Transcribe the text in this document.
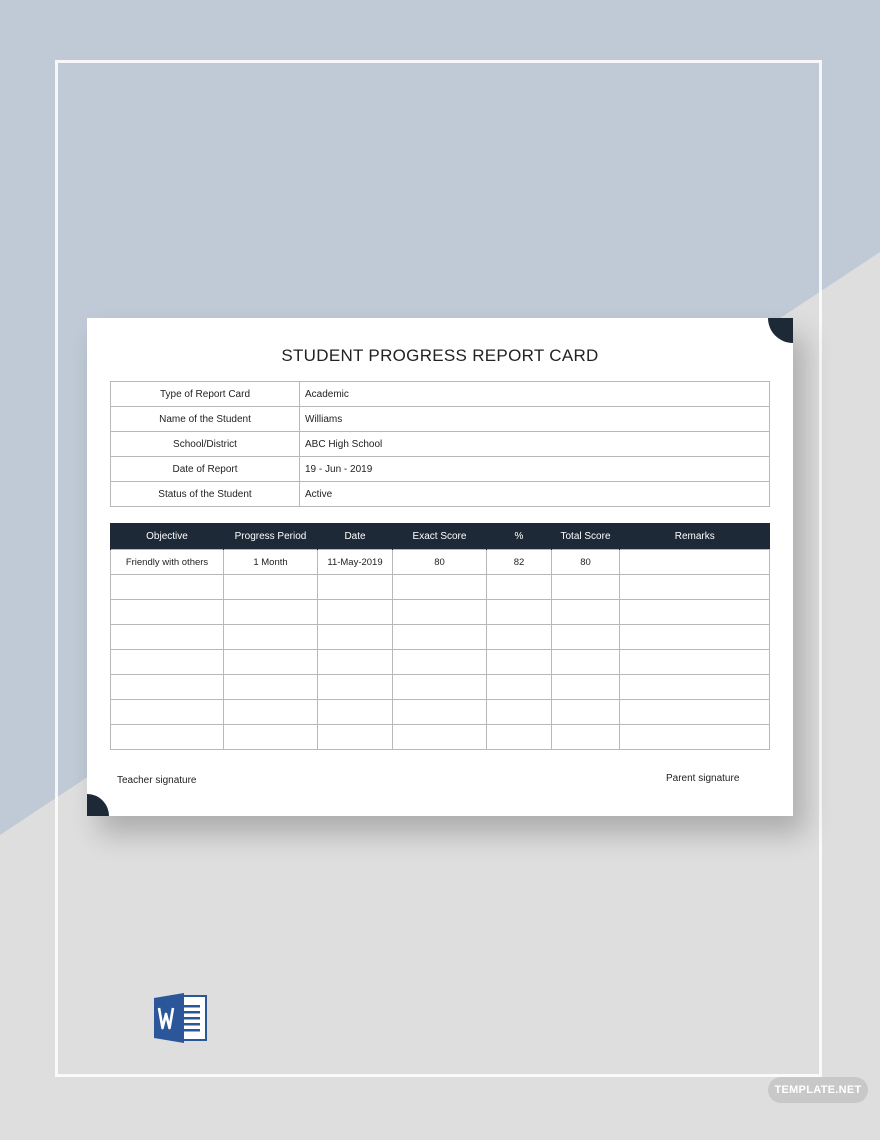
STUDENT PROGRESS REPORT CARD
Type of Report Card	Academic
Name of the Student	Williams
School/District	ABC High School
Date of Report	19 - Jun - 2019
Status of the Student	Active
Objective	Progress Period	Date	Exact Score	%	Total Score	Remarks
Friendly with others	1 Month	11-May-2019	80	82	80	

Teacher signature	Parent signature
TEMPLATE.NET
